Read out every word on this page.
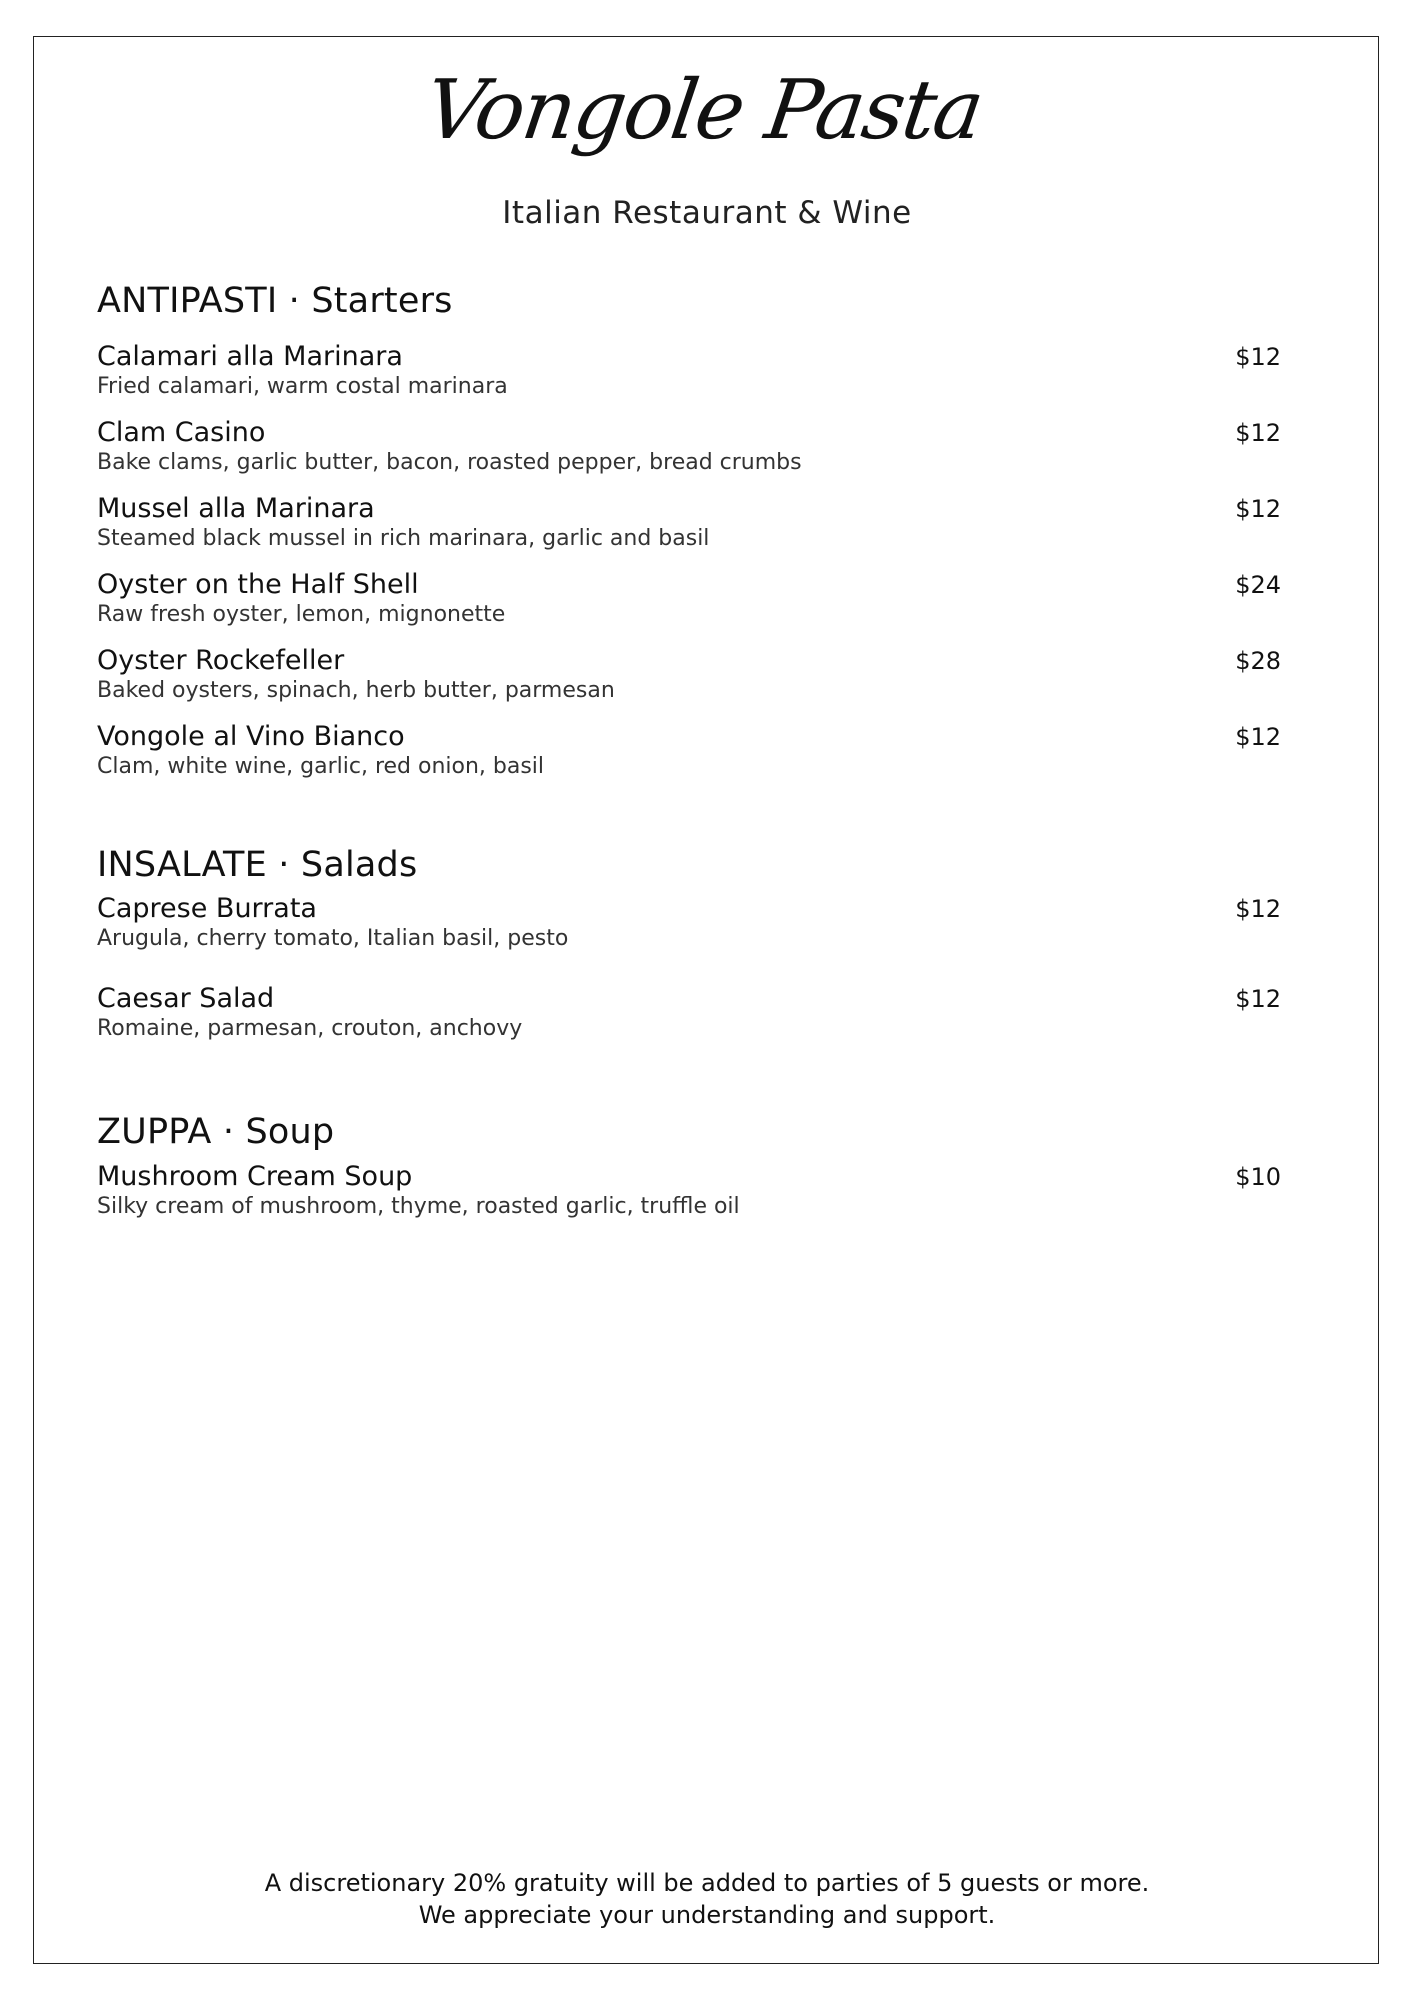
Vongole Pasta
Italian Restaurant & Wine
ANTIPASTI · Starters
Calamari alla Marinara	$12
Fried calamari, warm costal marinara
Clam Casino	$12
Bake clams, garlic butter, bacon, roasted pepper, bread crumbs
Mussel alla Marinara	$12
Steamed black mussel in rich marinara, garlic and basil
Oyster on the Half Shell	$24
Raw fresh oyster, lemon, mignonette
Oyster Rockefeller	$28
Baked oysters, spinach, herb butter, parmesan
Vongole al Vino Bianco	$12
Clam, white wine, garlic, red onion, basil
INSALATE · Salads
Caprese Burrata	$12
Arugula, cherry tomato, Italian basil, pesto
Caesar Salad	$12
Romaine, parmesan, crouton, anchovy
ZUPPA · Soup
Mushroom Cream Soup	$10
Silky cream of mushroom, thyme, roasted garlic, truffle oil
A discretionary 20% gratuity will be added to parties of 5 guests or more.
We appreciate your understanding and support.
